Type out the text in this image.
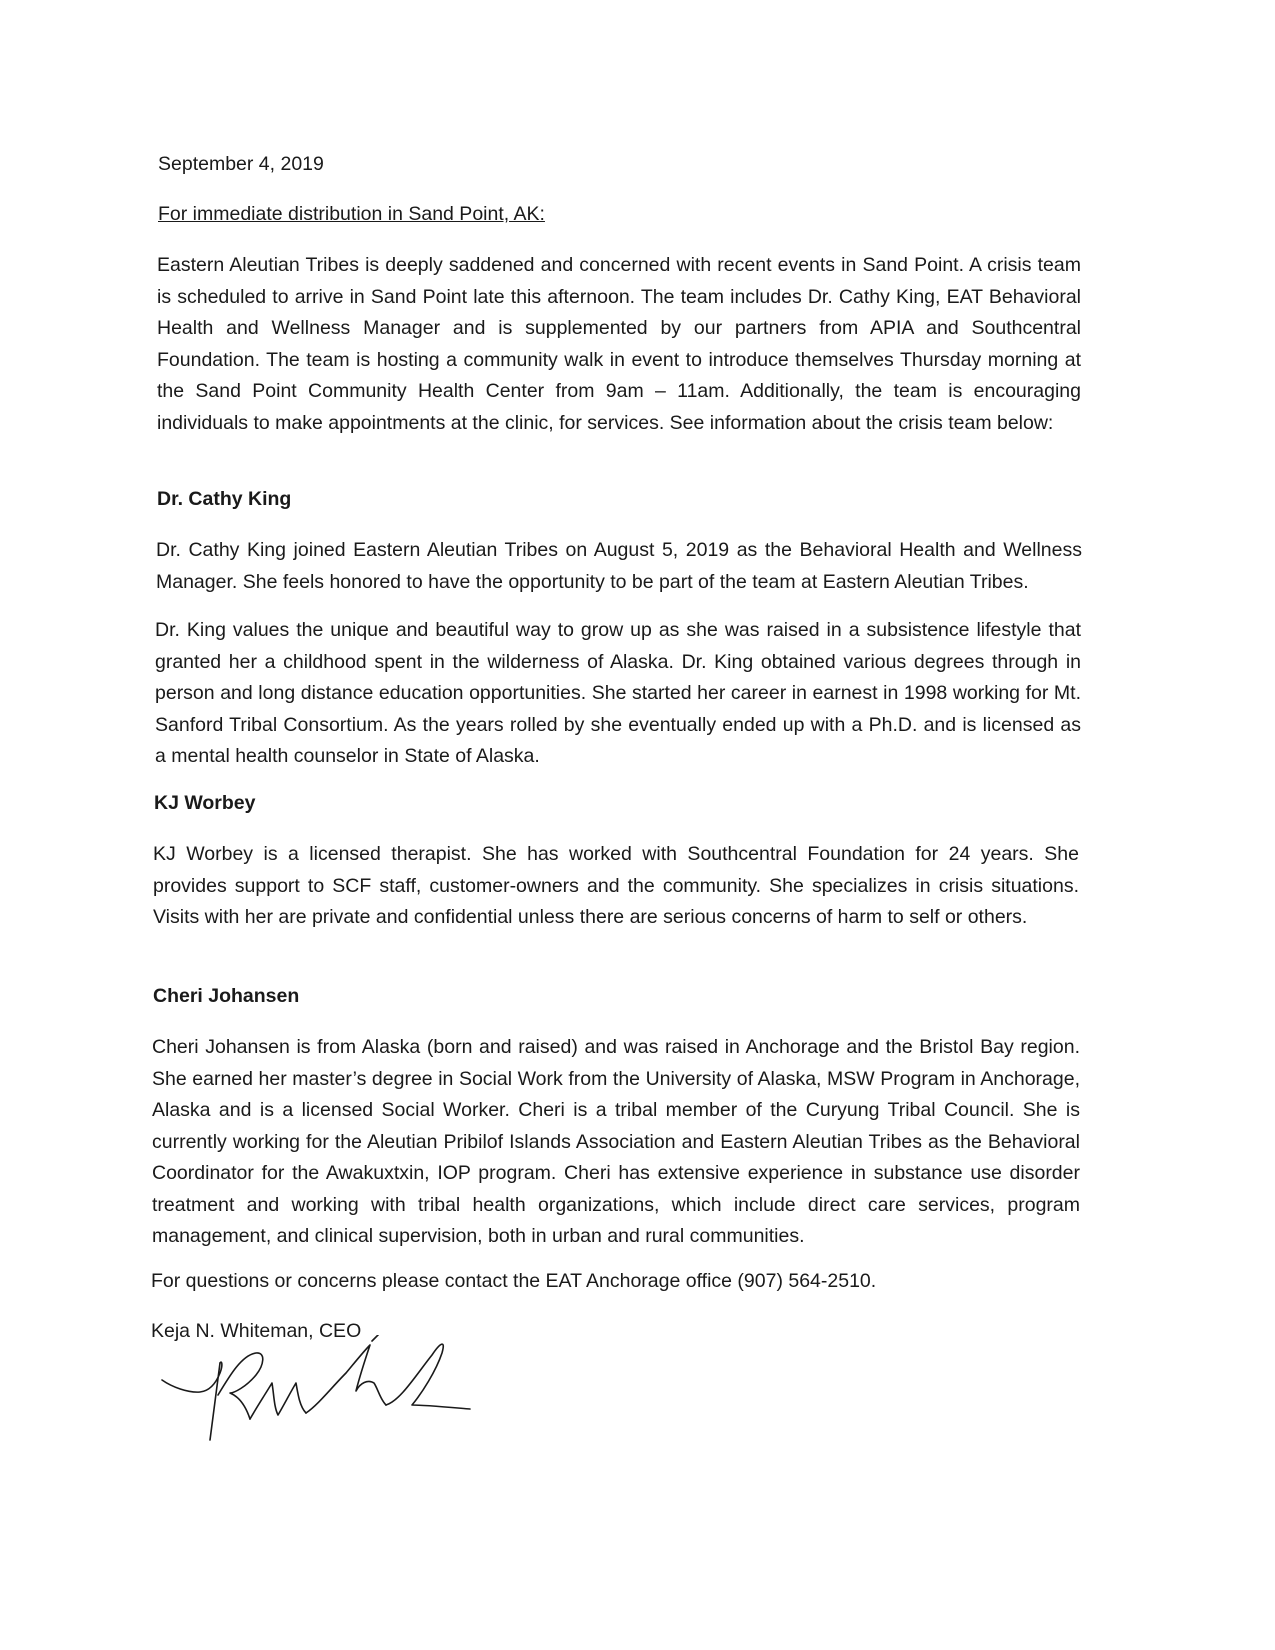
September 4, 2019

For immediate distribution in Sand Point, AK:

Eastern Aleutian Tribes is deeply saddened and concerned with recent events in Sand Point. A crisis team is scheduled to arrive in Sand Point late this afternoon. The team includes Dr. Cathy King, EAT Behavioral Health and Wellness Manager and is supplemented by our partners from APIA and Southcentral Foundation. The team is hosting a community walk in event to introduce themselves Thursday morning at the Sand Point Community Health Center from 9am – 11am. Additionally, the team is encouraging individuals to make appointments at the clinic, for services. See information about the crisis team below:

Dr. Cathy King

Dr. Cathy King joined Eastern Aleutian Tribes on August 5, 2019 as the Behavioral Health and Wellness Manager. She feels honored to have the opportunity to be part of the team at Eastern Aleutian Tribes.

Dr. King values the unique and beautiful way to grow up as she was raised in a subsistence lifestyle that granted her a childhood spent in the wilderness of Alaska. Dr. King obtained various degrees through in person and long distance education opportunities. She started her career in earnest in 1998 working for Mt. Sanford Tribal Consortium. As the years rolled by she eventually ended up with a Ph.D. and is licensed as a mental health counselor in State of Alaska.

KJ Worbey

KJ Worbey is a licensed therapist. She has worked with Southcentral Foundation for 24 years. She provides support to SCF staff, customer-owners and the community. She specializes in crisis situations. Visits with her are private and confidential unless there are serious concerns of harm to self or others.

Cheri Johansen

Cheri Johansen is from Alaska (born and raised) and was raised in Anchorage and the Bristol Bay region. She earned her master’s degree in Social Work from the University of Alaska, MSW Program in Anchorage, Alaska and is a licensed Social Worker. Cheri is a tribal member of the Curyung Tribal Council. She is currently working for the Aleutian Pribilof Islands Association and Eastern Aleutian Tribes as the Behavioral Coordinator for the Awakuxtxin, IOP program. Cheri has extensive experience in substance use disorder treatment and working with tribal health organizations, which include direct care services, program management, and clinical supervision, both in urban and rural communities.

For questions or concerns please contact the EAT Anchorage office (907) 564-2510.

Keja N. Whiteman, CEO
